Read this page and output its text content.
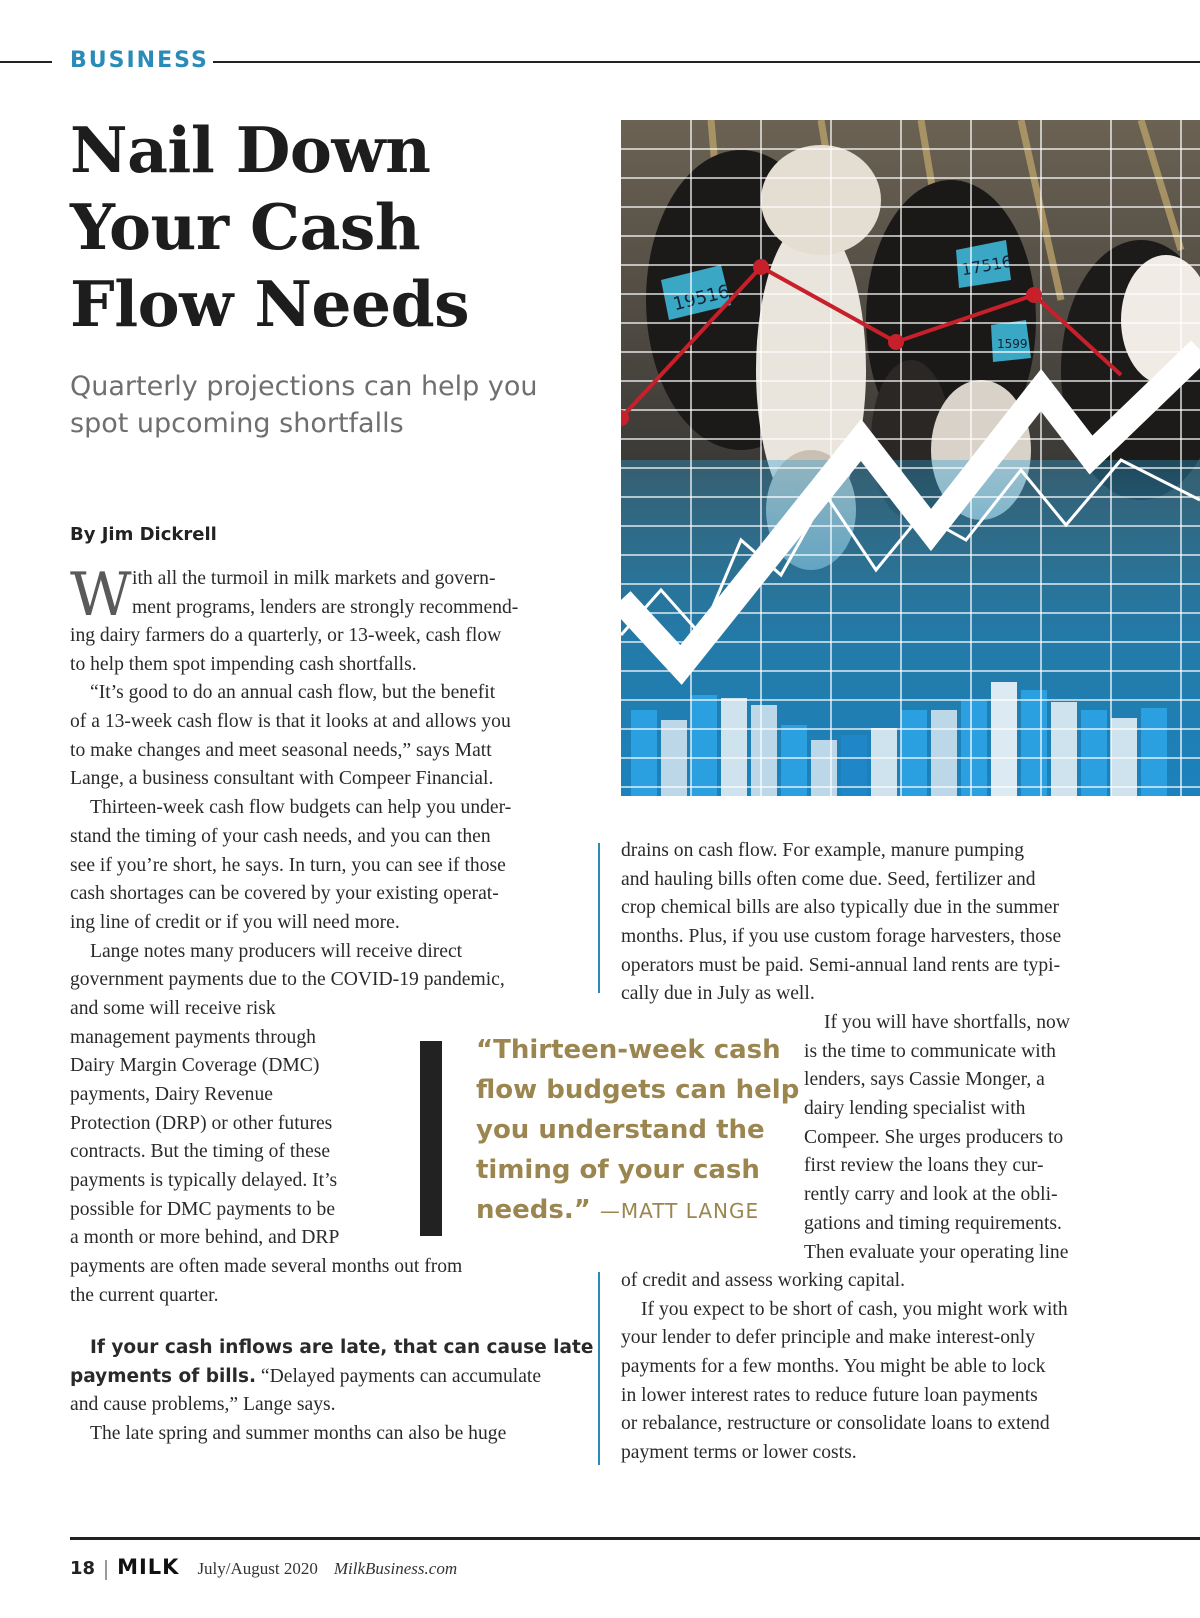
BUSINESS
Nail Down
Your Cash
Flow Needs
Quarterly projections can help you
spot upcoming shortfalls
By Jim Dickrell
19516
17516
1599
W ith all the turmoil in milk markets and govern-
ment programs, lenders are strongly recommend-
ing dairy farmers do a quarterly, or 13-week, cash flow
to help them spot impending cash shortfalls.
“It’s good to do an annual cash flow, but the benefit
of a 13-week cash flow is that it looks at and allows you
to make changes and meet seasonal needs,” says Matt
Lange, a business consultant with Compeer Financial.
Thirteen-week cash flow budgets can help you under-
stand the timing of your cash needs, and you can then
see if you’re short, he says. In turn, you can see if those
cash shortages can be covered by your existing operat-
ing line of credit or if you will need more.
Lange notes many producers will receive direct
government payments due to the COVID-19 pandemic,
and some will receive risk
management payments through
Dairy Margin Coverage (DMC)
payments, Dairy Revenue
Protection (DRP) or other futures
contracts. But the timing of these
payments is typically delayed. It’s
possible for DMC payments to be
a month or more behind, and DRP
payments are often made several months out from
the current quarter.
If your cash inflows are late, that can cause late
payments of bills. “Delayed payments can accumulate
and cause problems,” Lange says.
The late spring and summer months can also be huge
drains on cash flow. For example, manure pumping
and hauling bills often come due. Seed, fertilizer and
crop chemical bills are also typically due in the summer
months. Plus, if you use custom forage harvesters, those
operators must be paid. Semi-annual land rents are typi-
cally due in July as well.
If you will have shortfalls, now
is the time to communicate with
lenders, says Cassie Monger, a
dairy lending specialist with
Compeer. She urges producers to
first review the loans they cur-
rently carry and look at the obli-
gations and timing requirements.
Then evaluate your operating line
of credit and assess working capital.
If you expect to be short of cash, you might work with
your lender to defer principle and make interest-only
payments for a few months. You might be able to lock
in lower interest rates to reduce future loan payments
or rebalance, restructure or consolidate loans to extend
payment terms or lower costs.
“Thirteen-week cash
flow budgets can help
you understand the
timing of your cash
needs.” —MATT LANGE
18 MILK July/August 2020 MilkBusiness.com
